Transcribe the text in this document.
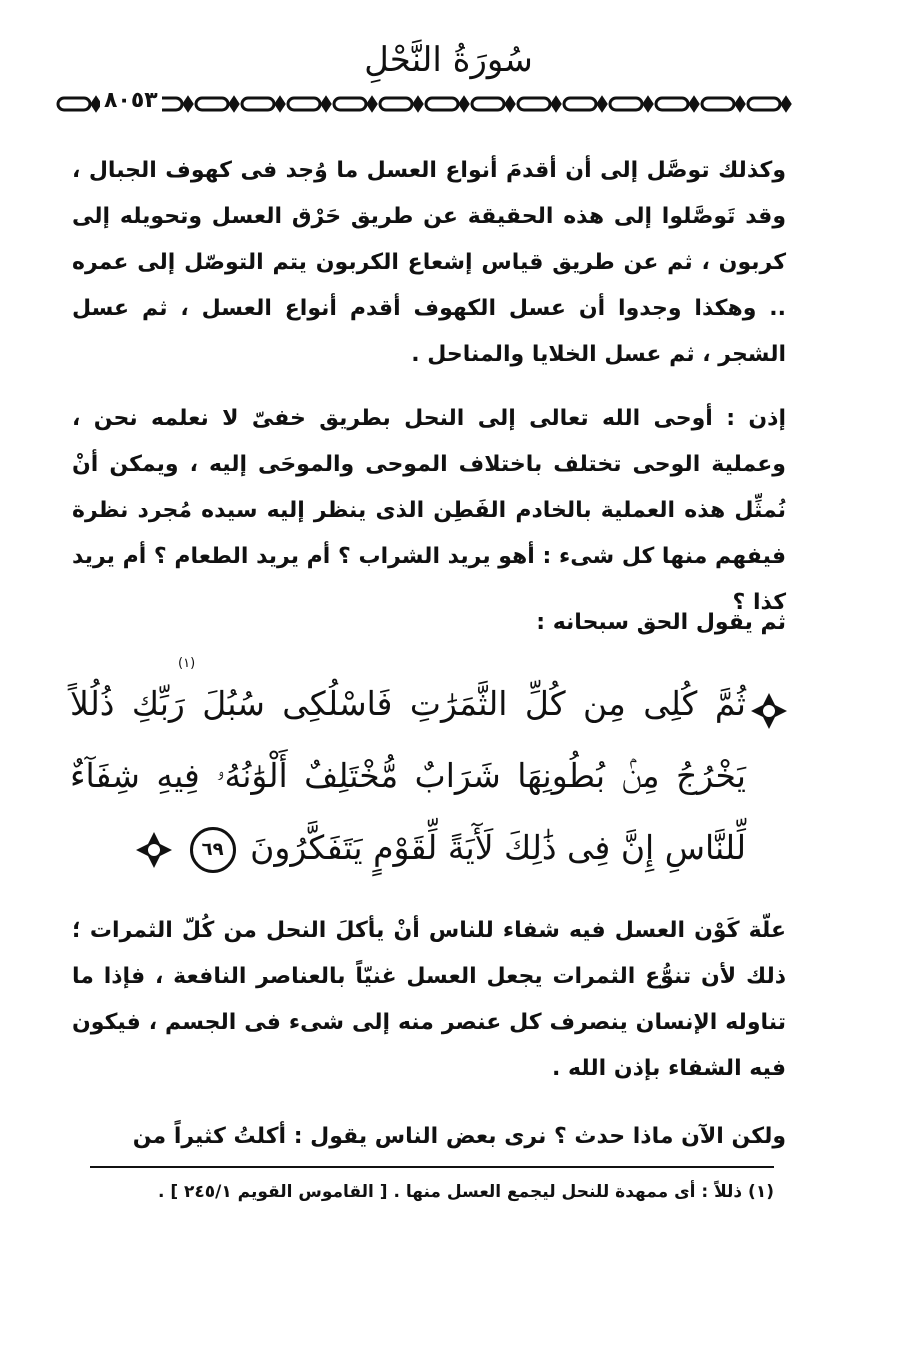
سُورَةُ النَّحْلِ
٨٠٥٣
وكذلك توصَّل إلى أن أقدمَ أنواع العسل ما وُجد فى كهوف الجبال ، وقد تَوصَّلوا إلى هذه الحقيقة عن طريق حَرْق العسل وتحويله إلى كربون ، ثم عن طريق قياس إشعاع الكربون يتم التوصّل إلى عمره .. وهكذا وجدوا أن عسل الكهوف أقدم أنواع العسل ، ثم عسل الشجر ، ثم عسل الخلايا والمناحل .
إذن : أوحى الله تعالى إلى النحل بطريق خفىّ لا نعلمه نحن ، وعملية الوحى تختلف باختلاف الموحى والموحَى إليه ، ويمكن أنْ نُمثِّل هذه العملية بالخادم الفَطِن الذى ينظر إليه سيده مُجرد نظرة فيفهم منها كل شىء : أهو يريد الشراب ؟ أم يريد الطعام ؟ أم يريد كذا ؟
ثم يقول الحق سبحانه :
(١)
ثُمَّ كُلِى مِن كُلِّ الثَّمَرَٰتِ فَاسْلُكِى سُبُلَ رَبِّكِ ذُلُلاً يَخْرُجُ مِنۢ بُطُونِهَا شَرَابٌ مُّخْتَلِفٌ أَلْوَٰنُهُۥ فِيهِ شِفَآءٌ لِّلنَّاسِ إِنَّ فِى ذَٰلِكَ لَأٓيَةً لِّقَوْمٍ يَتَفَكَّرُونَ ٦٩
علّة كَوْن العسل فيه شفاء للناس أنْ يأكلَ النحل من كُلّ الثمرات ؛ ذلك لأن تنوُّع الثمرات يجعل العسل غنيّاً بالعناصر النافعة ، فإذا ما تناوله الإنسان ينصرف كل عنصر منه إلى شىء فى الجسم ، فيكون فيه الشفاء بإذن الله .
ولكن الآن ماذا حدث ؟ نرى بعض الناس يقول : أكلتُ كثيراً من
(١) ذللاً : أى ممهدة للنحل ليجمع العسل منها . [ القاموس القويم ٢٤٥/١ ] .
